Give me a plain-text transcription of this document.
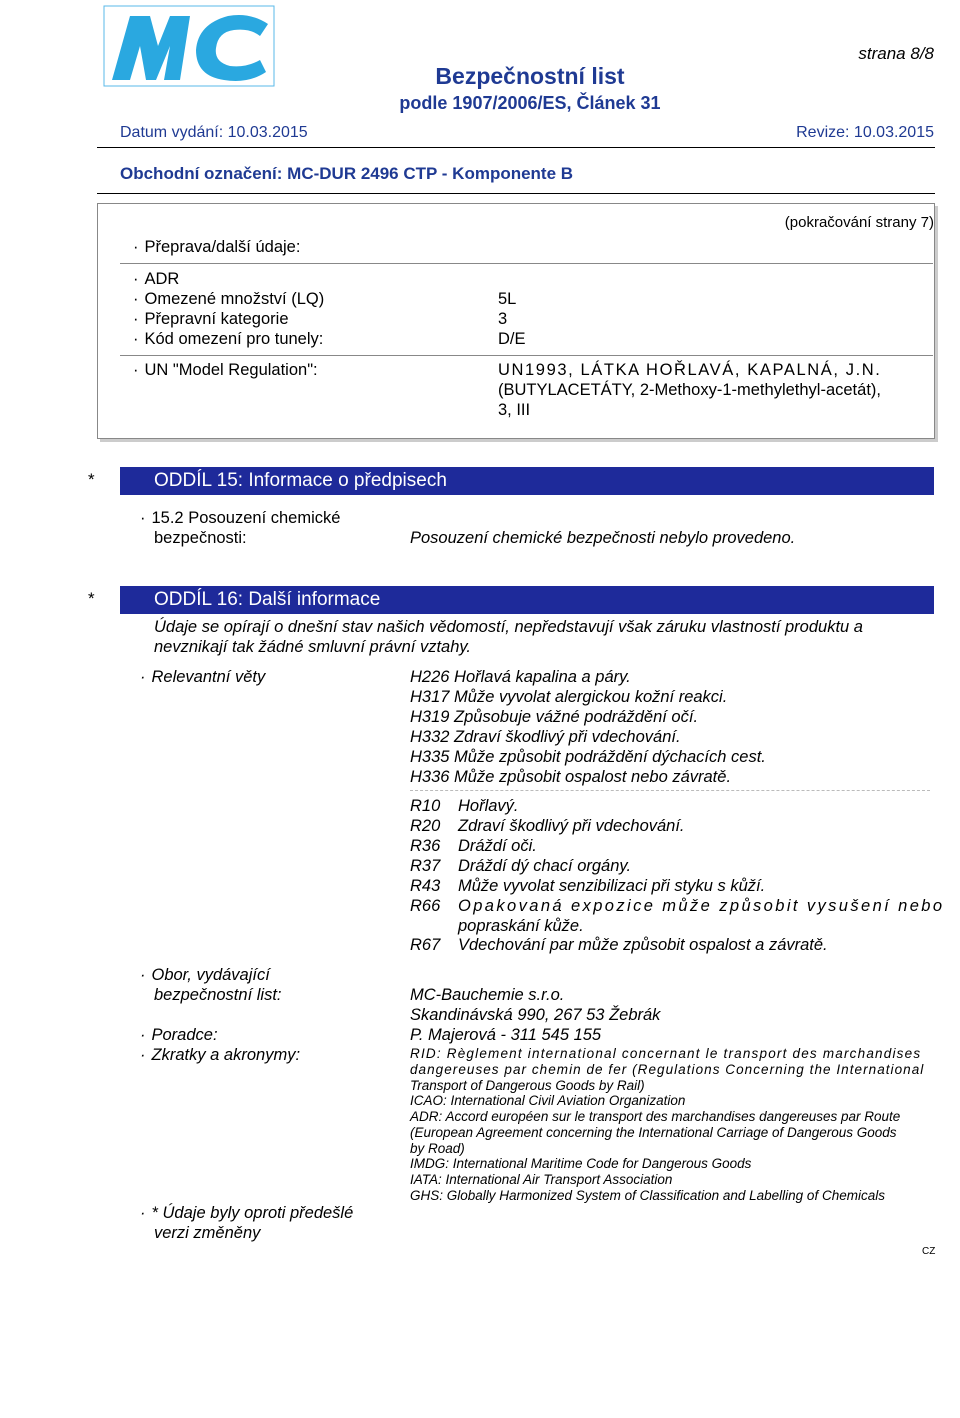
strana 8/8
Bezpečnostní list
podle 1907/2006/ES, Článek 31
Datum vydání: 10.03.2015	Revize: 10.03.2015
Obchodní označení: MC-DUR 2496 CTP - Komponente B
(pokračování strany 7)
· Přeprava/další údaje:
· ADR
· Omezené množství (LQ)	5L
· Přepravní kategorie	3
· Kód omezení pro tunely:	D/E
· UN "Model Regulation":	UN1993, LÁTKA HOŘLAVÁ, KAPALNÁ, J.N.
(BUTYLACETÁTY, 2-Methoxy-1-methylethyl-acetát),
3, III
*	ODDÍL 15: Informace o předpisech
· 15.2 Posouzení chemické
bezpečnosti:	Posouzení chemické bezpečnosti nebylo provedeno.
*	ODDÍL 16: Další informace
Údaje se opírají o dnešní stav našich vědomostí, nepředstavují však záruku vlastností produktu a
nevznikají tak žádné smluvní právní vztahy.
· Relevantní věty	H226 Hořlavá kapalina a páry.
H317 Může vyvolat alergickou kožní reakci.
H319 Způsobuje vážné podráždění očí.
H332 Zdraví škodlivý při vdechování.
H335 Může způsobit podráždění dýchacích cest.
H336 Může způsobit ospalost nebo závratě.
R10 Hořlavý.
R20 Zdraví škodlivý při vdechování.
R36 Dráždí oči.
R37 Dráždí dý chací orgány.
R43 Může vyvolat senzibilizaci při styku s kůží.
R66 Opakovaná expozice může způsobit vysušení nebo
popraskání kůže.
R67 Vdechování par může způsobit ospalost a závratě.
· Obor, vydávající
bezpečnostní list:	MC-Bauchemie s.r.o.
Skandinávská 990, 267 53 Žebrák
· Poradce:	P. Majerová - 311 545 155
· Zkratky a akronymy:	RID: Règlement international concernant le transport des marchandises
dangereuses par chemin de fer (Regulations Concerning the International
Transport of Dangerous Goods by Rail)
ICAO: International Civil Aviation Organization
ADR: Accord européen sur le transport des marchandises dangereuses par Route
(European Agreement concerning the International Carriage of Dangerous Goods
by Road)
IMDG: International Maritime Code for Dangerous Goods
IATA: International Air Transport Association
GHS: Globally Harmonized System of Classification and Labelling of Chemicals
· * Údaje byly oproti předešlé
verzi změněny
CZ
